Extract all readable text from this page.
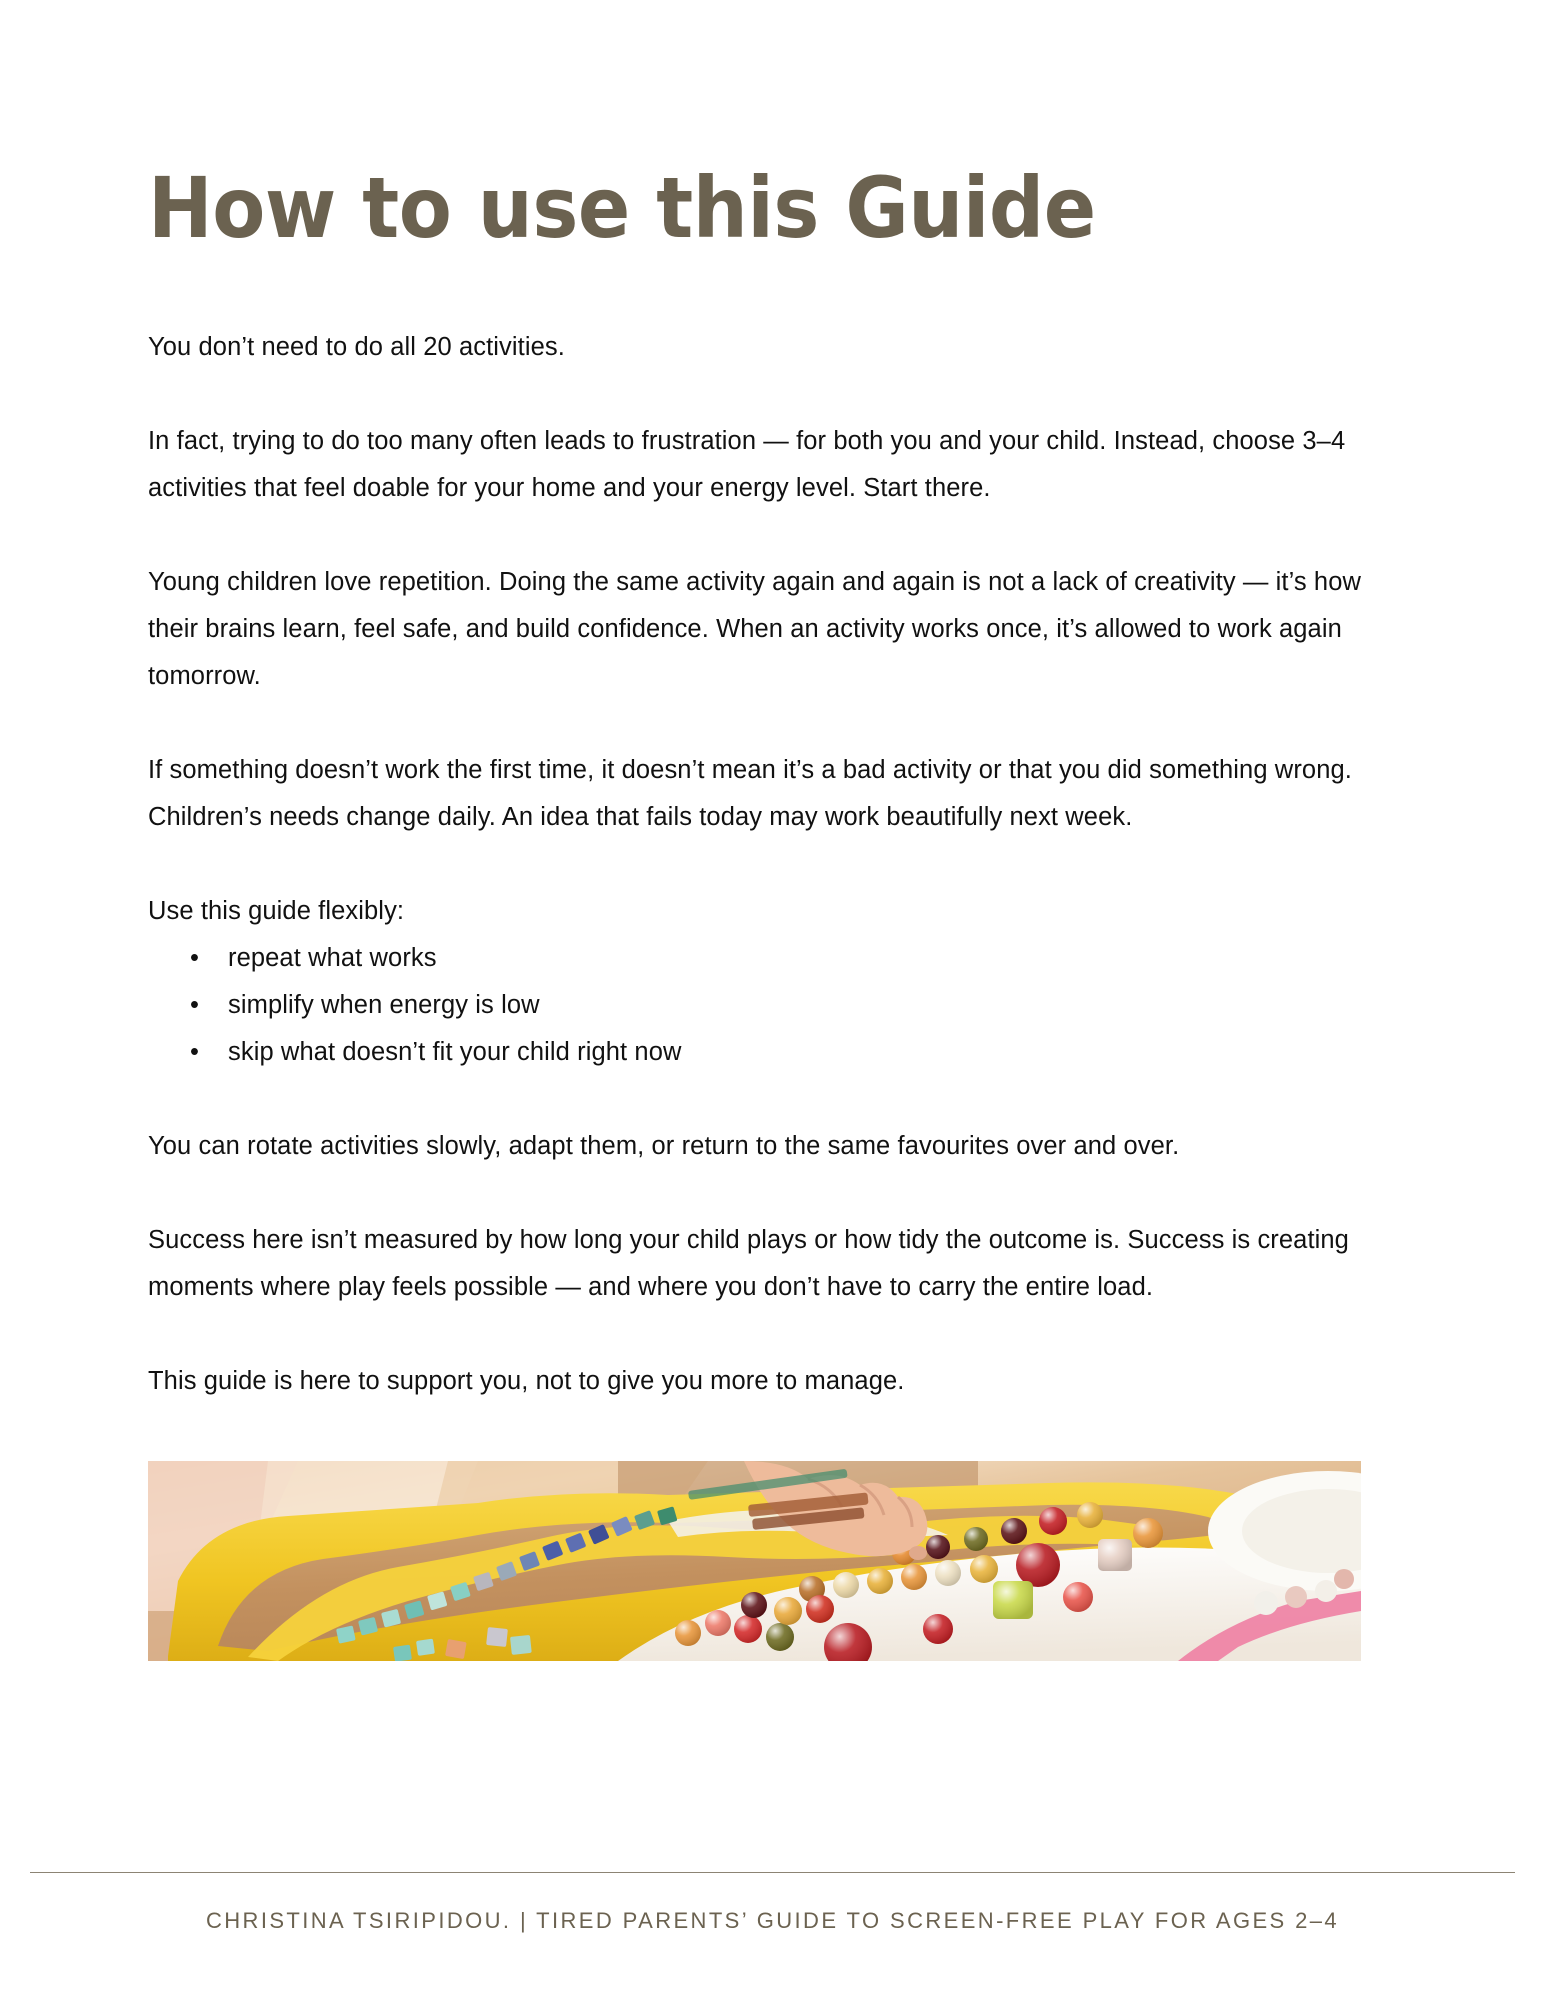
How to use this Guide

You don’t need to do all 20 activities.

In fact, trying to do too many often leads to frustration — for both you and your child. Instead, choose 3–4 activities that feel doable for your home and your energy level. Start there.

Young children love repetition. Doing the same activity again and again is not a lack of creativity — it’s how their brains learn, feel safe, and build confidence. When an activity works once, it’s allowed to work again tomorrow.

If something doesn’t work the first time, it doesn’t mean it’s a bad activity or that you did something wrong. Children’s needs change daily. An idea that fails today may work beautifully next week.

Use this guide flexibly:

• repeat what works
• simplify when energy is low
• skip what doesn’t fit your child right now

You can rotate activities slowly, adapt them, or return to the same favourites over and over.

Success here isn’t measured by how long your child plays or how tidy the outcome is. Success is creating moments where play feels possible — and where you don’t have to carry the entire load.

This guide is here to support you, not to give you more to manage.

CHRISTINA TSIRIPIDOU. | TIRED PARENTS’ GUIDE TO SCREEN-FREE PLAY FOR AGES 2–4
